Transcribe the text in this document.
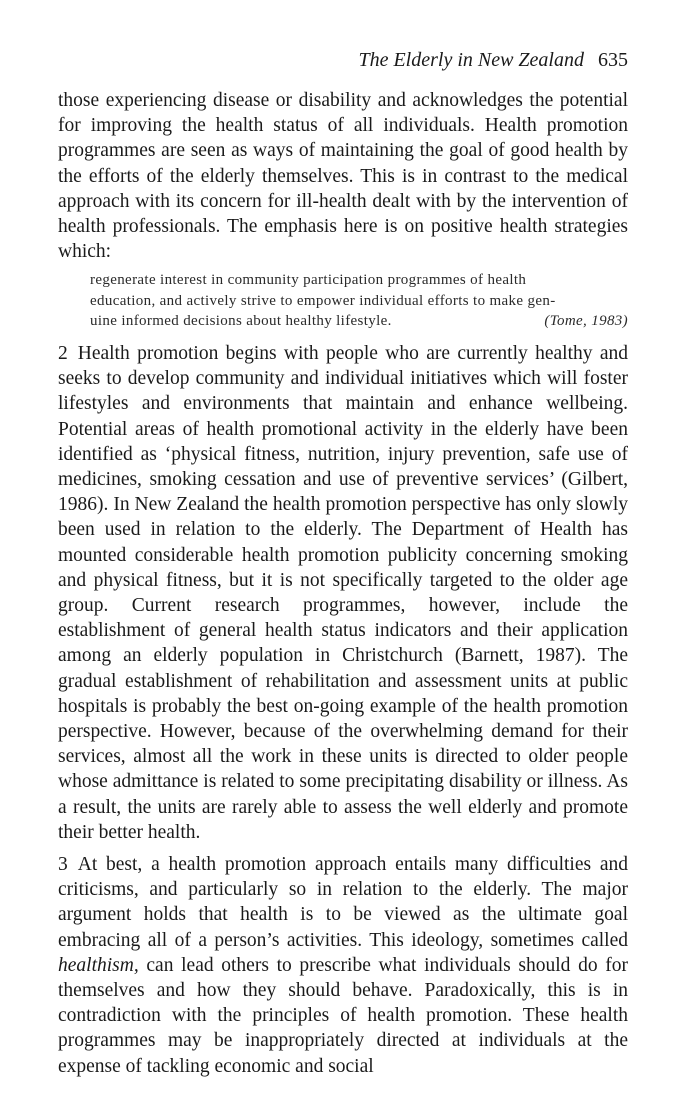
The Elderly in New Zealand 635

those experiencing disease or disability and acknowledges the potential for improving the health status of all individuals. Health promotion programmes are seen as ways of maintaining the goal of good health by the efforts of the elderly themselves. This is in contrast to the medical approach with its concern for ill-health dealt with by the intervention of health professionals. The emphasis here is on positive health strategies which:

regenerate interest in community participation programmes of health
education, and actively strive to empower individual efforts to make gen-
uine informed decisions about healthy lifestyle.	(Tome, 1983)

2 Health promotion begins with people who are currently healthy and seeks to develop community and individual initiatives which will foster lifestyles and environments that maintain and enhance wellbeing. Potential areas of health promotional activity in the elderly have been identified as ‘physical fitness, nutrition, injury prevention, safe use of medicines, smoking cessation and use of preventive services’ (Gilbert, 1986). In New Zealand the health promotion perspective has only slowly been used in relation to the elderly. The Department of Health has mounted considerable health promotion publicity concerning smoking and physical fitness, but it is not specifically targeted to the older age group. Current research programmes, however, include the establishment of general health status indicators and their application among an elderly population in Christchurch (Barnett, 1987). The gradual establishment of rehabilitation and assessment units at public hospitals is probably the best on-going example of the health promotion perspective. However, because of the overwhelming demand for their services, almost all the work in these units is directed to older people whose admittance is related to some precipitating disability or illness. As a result, the units are rarely able to assess the well elderly and promote their better health.

3 At best, a health promotion approach entails many difficulties and criticisms, and particularly so in relation to the elderly. The major argument holds that health is to be viewed as the ultimate goal embracing all of a person’s activities. This ideology, sometimes called healthism, can lead others to prescribe what individuals should do for themselves and how they should behave. Paradoxically, this is in contradiction with the principles of health promotion. These health programmes may be inappropriately directed at individuals at the expense of tackling economic and social
